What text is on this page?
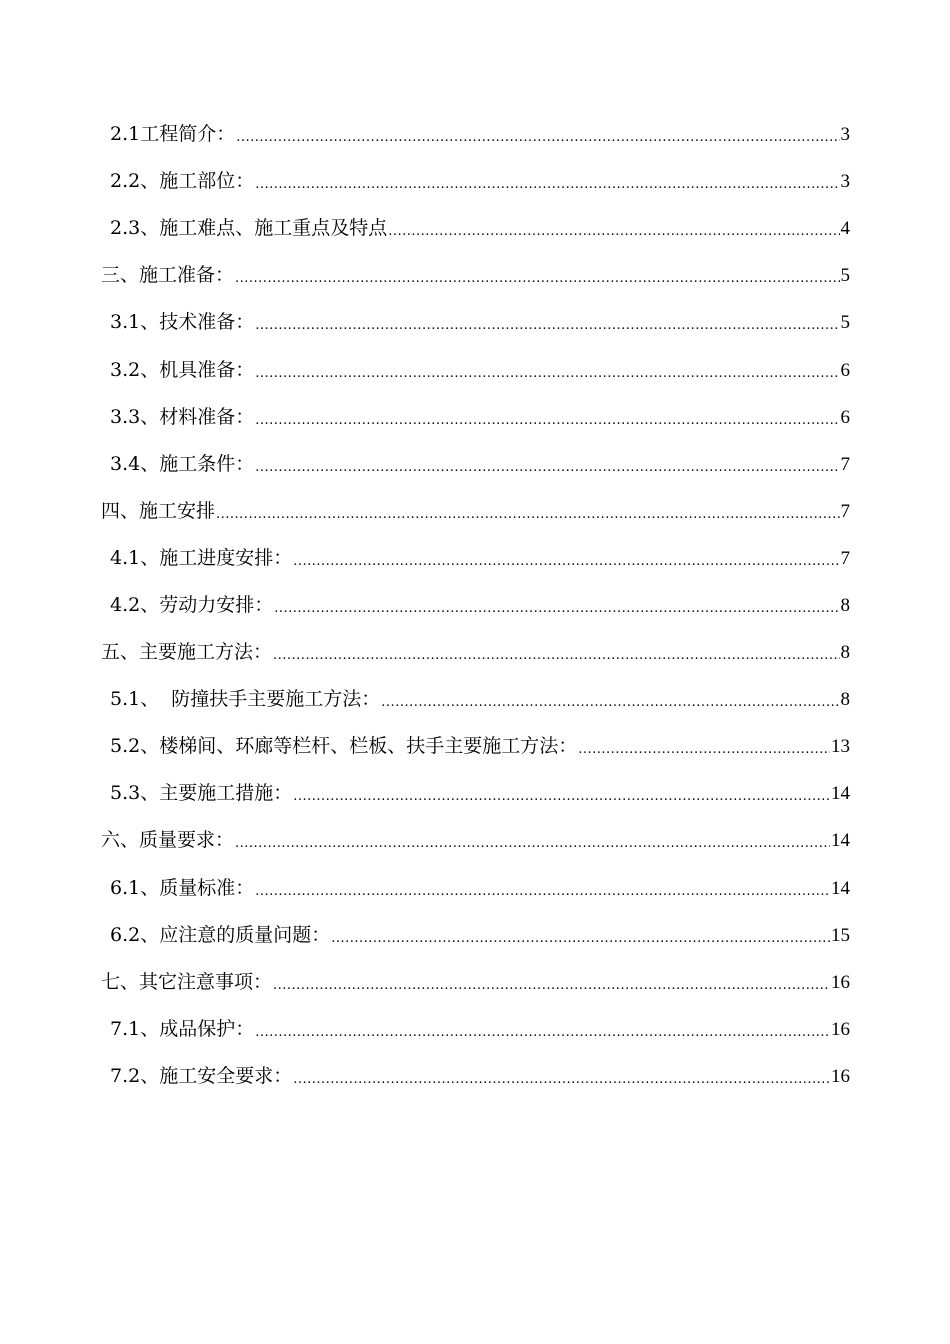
2.1工程简介： .....	3
2.2、施工部位： .....	3
2.3、施工难点、施工重点及特点 .....	4
三、施工准备： .....	5
3.1、技术准备： .....	5
3.2、机具准备： .....	6
3.3、材料准备： .....	6
3.4、施工条件： .....	7
四、施工安排 .....	7
4.1、施工进度安排： .....	7
4.2、劳动力安排： .....	8
五、主要施工方法： .....	8
5.1、  防撞扶手主要施工方法： .....	8
5.2、楼梯间、环廊等栏杆、栏板、扶手主要施工方法： .....	13
5.3、主要施工措施： .....	14
六、质量要求： .....	14
6.1、质量标准： .....	14
6.2、应注意的质量问题： .....	15
七、其它注意事项： .....	16
7.1、成品保护： .....	16
7.2、施工安全要求： .....	16
